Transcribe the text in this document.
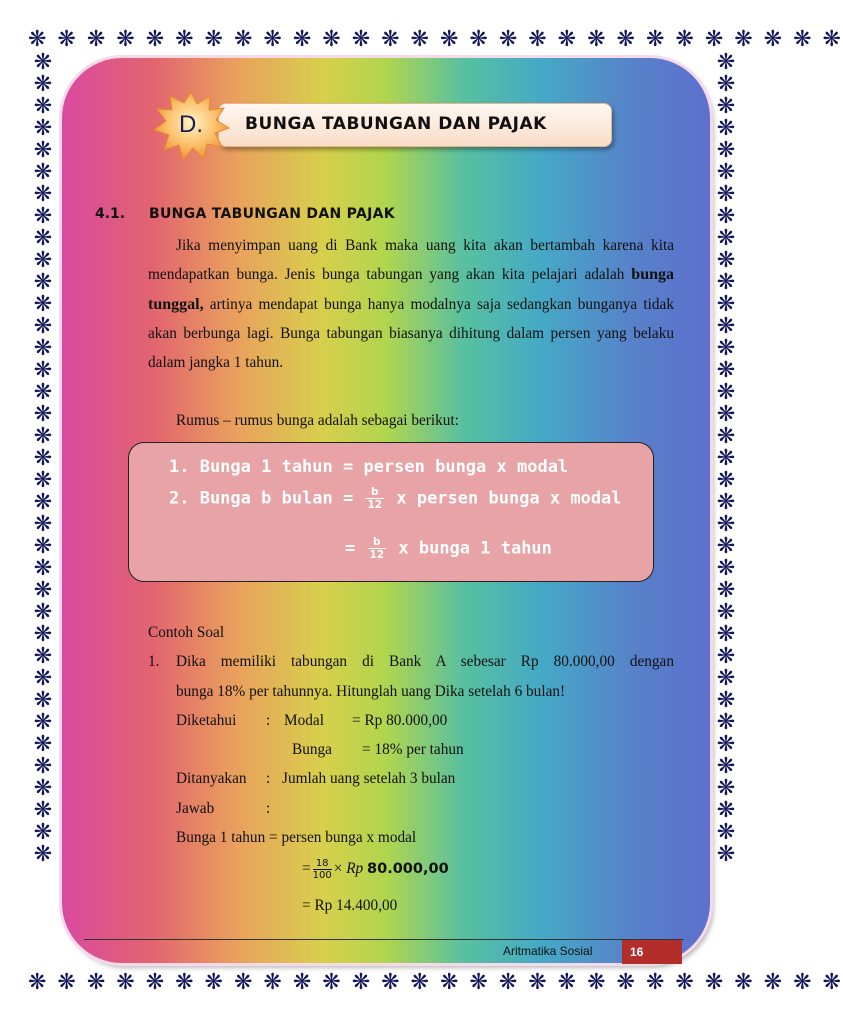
❋ ❋ ❋ ❋ ❋ ❋ ❋ ❋ ❋ ❋ ❋ ❋ ❋ ❋ ❋ ❋ ❋ ❋ ❋ ❋ ❋ ❋ ❋ ❋ ❋ ❋ ❋ ❋
❋ ❋ ❋ ❋ ❋ ❋ ❋ ❋ ❋ ❋ ❋ ❋ ❋ ❋ ❋ ❋ ❋ ❋ ❋ ❋ ❋ ❋ ❋ ❋ ❋ ❋ ❋ ❋
❋❋❋❋❋❋❋❋❋❋❋❋❋❋❋❋❋❋❋❋❋❋❋❋❋❋❋❋❋❋❋❋❋❋❋❋❋
❋❋❋❋❋❋❋❋❋❋❋❋❋❋❋❋❋❋❋❋❋❋❋❋❋❋❋❋❋❋❋❋❋❋❋❋❋
BUNGA TABUNGAN DAN PAJAK
D.
4.1. BUNGA TABUNGAN DAN PAJAK
Jika menyimpan uang di Bank maka uang kita akan bertambah karena kita mendapatkan bunga. Jenis bunga tabungan yang akan kita pelajari adalah bunga tunggal, artinya mendapat bunga hanya modalnya saja sedangkan bunganya tidak akan berbunga lagi. Bunga tabungan biasanya dihitung dalam persen yang belaku dalam jangka 1 tahun.
Rumus – rumus bunga adalah sebagai berikut:
1. Bunga 1 tahun = persen bunga x modal
2. Bunga b bulan = $\frac{b}{12}$ x persen bunga x modal
= $\frac{b}{12}$ x bunga 1 tahun
Contoh Soal
1. Dika memiliki tabungan di Bank A sebesar Rp 80.000,00 dengan
bunga 18% per tahunnya. Hitunglah uang Dika setelah 6 bulan!
Diketahui : Modal = Rp 80.000,00
Bunga = 18% per tahun
Ditanyakan : Jumlah uang setelah 3 bulan
Jawab	:
Bunga 1 tahun = persen bunga x modal
= $\frac{18}{100} \times Rp$ 80.000,00
= Rp 14.400,00
Aritmatika Sosial	16
